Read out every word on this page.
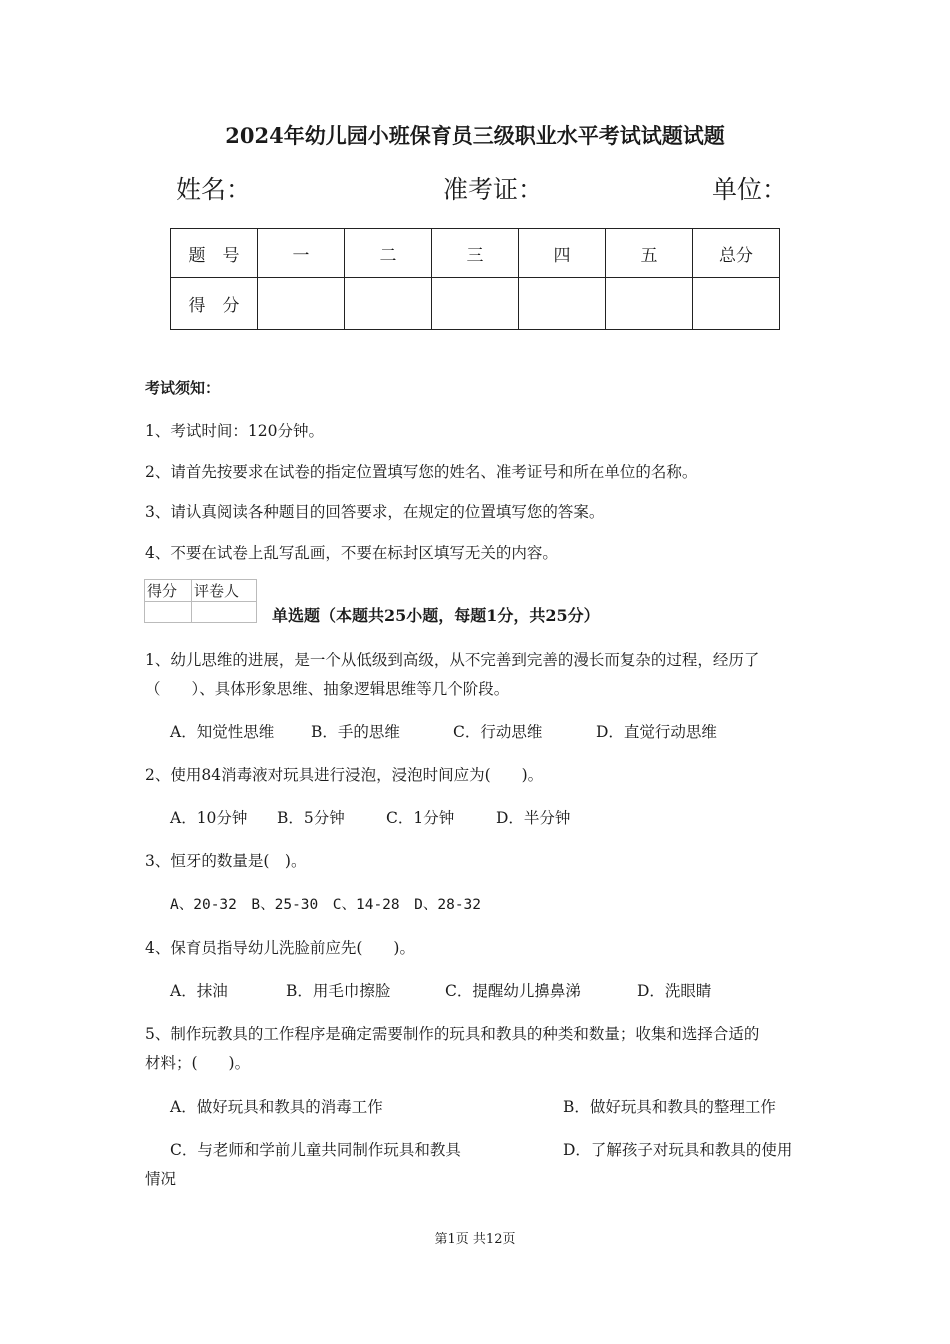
2024年幼儿园小班保育员三级职业水平考试试题试题
姓名：	准考证：	单位：
题　号	一	二	三	四	五	总分
得　分						
考试须知：
1、考试时间：120分钟。
2、请首先按要求在试卷的指定位置填写您的姓名、准考证号和所在单位的名称。
3、请认真阅读各种题目的回答要求，在规定的位置填写您的答案。
4、不要在试卷上乱写乱画，不要在标封区填写无关的内容。
得分	评卷人

单选题（本题共25小题，每题1分，共25分）
1、幼儿思维的进展，是一个从低级到高级，从不完善到完善的漫长而复杂的过程，经历了
（　　）、具体形象思维、抽象逻辑思维等几个阶段。
A．知觉性思维 B．手的思维	C．行动思维	D．直觉行动思维
2、使用84消毒液对玩具进行浸泡，浸泡时间应为(　　)。
A．10分钟 B．5分钟	C．1分钟	D．半分钟
3、恒牙的数量是(　)。
A、20-32　B、25-30　C、14-28　D、28-32
4、保育员指导幼儿洗脸前应先(　　)。
A．抹油	B．用毛巾擦脸	C．提醒幼儿擤鼻涕	D．洗眼睛
5、制作玩教具的工作程序是确定需要制作的玩具和教具的种类和数量；收集和选择合适的
材料；(　　)。
A．做好玩具和教具的消毒工作	B．做好玩具和教具的整理工作
C．与老师和学前儿童共同制作玩具和教具	D．了解孩子对玩具和教具的使用
情况
第1页 共12页
